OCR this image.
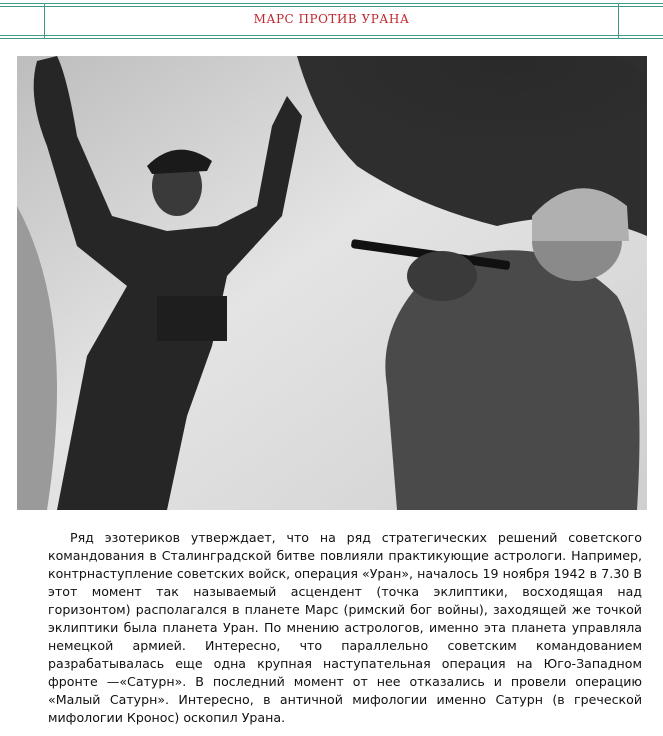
МАРС ПРОТИВ УРАНА

Ряд эзотериков утверждает, что на ряд стратегических решений советского командования в Сталинградской битве повлияли практикующие астрологи. Например, контрнаступление советских войск, операция «Уран», началось 19 ноября 1942 в 7.30 В этот момент так называемый асцендент (точка эклиптики, восходящая над горизонтом) располагался в планете Марс (римский бог войны), заходящей же точкой эклиптики была планета Уран. По мнению астрологов, именно эта планета управляла немецкой армией. Интересно, что параллельно советским командованием разрабатывалась еще одна крупная наступательная операция на Юго-Западном фронте —«Сатурн». В последний момент от нее отказались и провели операцию «Малый Сатурн». Интересно, в античной мифологии именно Сатурн (в греческой мифологии Кронос) оскопил Урана.
